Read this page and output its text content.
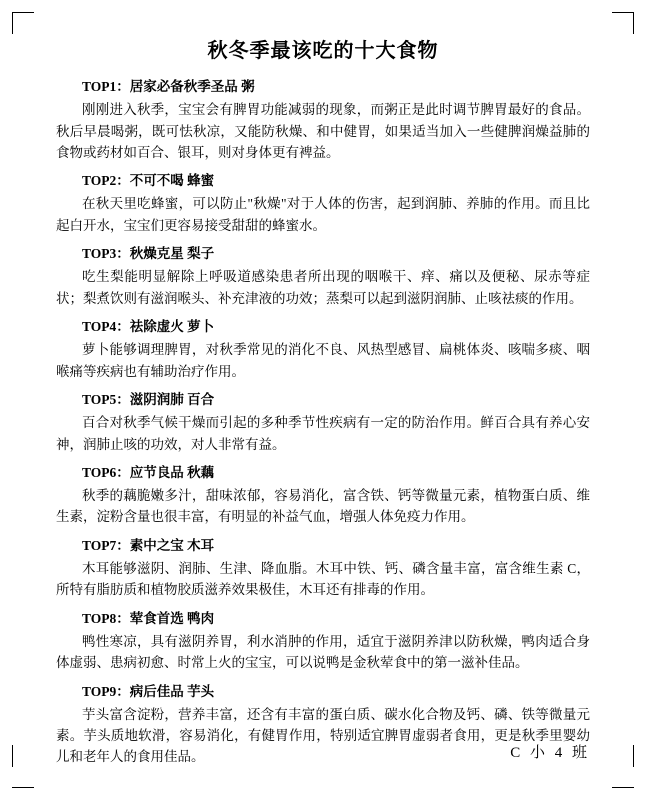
秋冬季最该吃的十大食物
TOP1：居家必备秋季圣品 粥

刚刚进入秋季，宝宝会有脾胃功能减弱的现象，而粥正是此时调节脾胃最好的食品。秋后早晨喝粥，既可怯秋凉，又能防秋燥、和中健胃，如果适当加入一些健脾润燥益肺的食物或药材如百合、银耳，则对身体更有裨益。

TOP2：不可不喝 蜂蜜

在秋天里吃蜂蜜，可以防止"秋燥"对于人体的伤害，起到润肺、养肺的作用。而且比起白开水，宝宝们更容易接受甜甜的蜂蜜水。

TOP3：秋燥克星 梨子

吃生梨能明显解除上呼吸道感染患者所出现的咽喉干、痒、痛以及便秘、尿赤等症状；梨煮饮则有滋润喉头、补充津液的功效；蒸梨可以起到滋阴润肺、止咳祛痰的作用。

TOP4：祛除虚火 萝卜

萝卜能够调理脾胃，对秋季常见的消化不良、风热型感冒、扁桃体炎、咳喘多痰、咽喉痛等疾病也有辅助治疗作用。

TOP5：滋阴润肺 百合

百合对秋季气候干燥而引起的多种季节性疾病有一定的防治作用。鲜百合具有养心安神，润肺止咳的功效，对人非常有益。

TOP6：应节良品 秋藕

秋季的藕脆嫩多汁，甜味浓郁，容易消化，富含铁、钙等微量元素，植物蛋白质、维生素，淀粉含量也很丰富，有明显的补益气血，增强人体免疫力作用。

TOP7：素中之宝 木耳

木耳能够滋阴、润肺、生津、降血脂。木耳中铁、钙、磷含量丰富，富含维生素 C，所特有脂肪质和植物胶质滋养效果极佳，木耳还有排毒的作用。

TOP8：荤食首选 鸭肉

鸭性寒凉，具有滋阴养胃，利水消肿的作用，适宜于滋阴养津以防秋燥，鸭肉适合身体虚弱、患病初愈、时常上火的宝宝，可以说鸭是金秋荤食中的第一滋补佳品。

TOP9：病后佳品 芋头

芋头富含淀粉，营养丰富，还含有丰富的蛋白质、碳水化合物及钙、磷、铁等微量元素。芋头质地软滑，容易消化，有健胃作用，特别适宜脾胃虚弱者食用，更是秋季里婴幼儿和老年人的食用佳品。	C 小 4 班
